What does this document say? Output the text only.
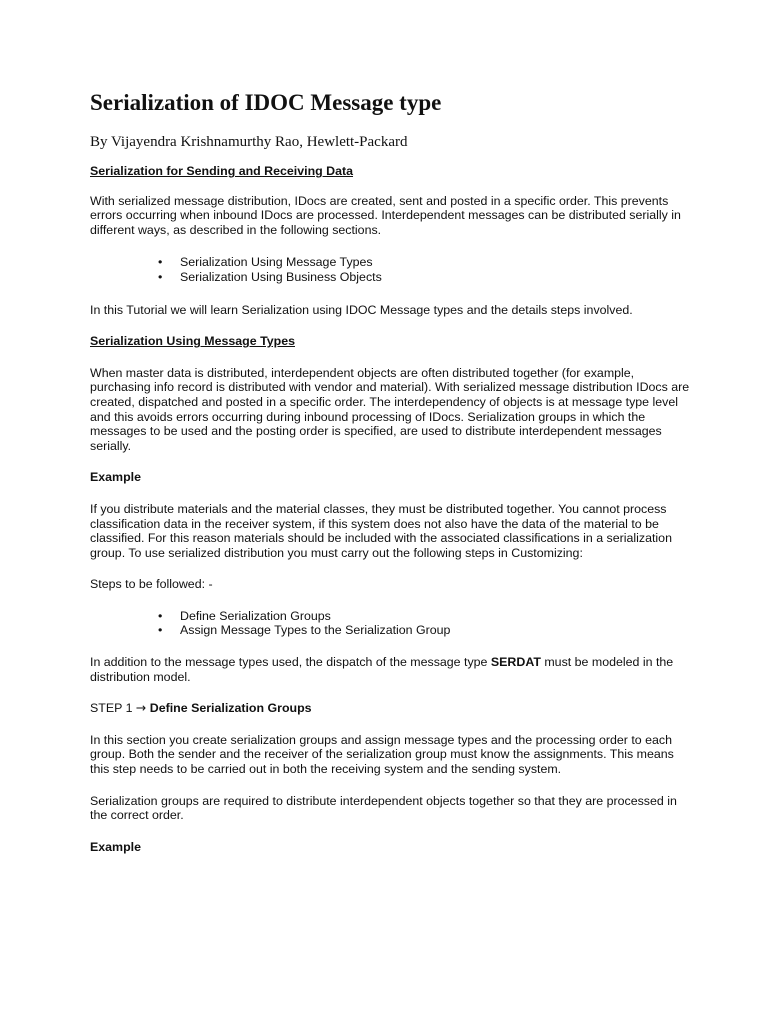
Serialization of IDOC Message type

By Vijayendra Krishnamurthy Rao, Hewlett-Packard

Serialization for Sending and Receiving Data

With serialized message distribution, IDocs are created, sent and posted in a specific order. This prevents errors occurring when inbound IDocs are processed. Interdependent messages can be distributed serially in different ways, as described in the following sections.

• Serialization Using Message Types
• Serialization Using Business Objects

In this Tutorial we will learn Serialization using IDOC Message types and the details steps involved.

Serialization Using Message Types

When master data is distributed, interdependent objects are often distributed together (for example, purchasing info record is distributed with vendor and material). With serialized message distribution IDocs are created, dispatched and posted in a specific order. The interdependency of objects is at message type level and this avoids errors occurring during inbound processing of IDocs. Serialization groups in which the messages to be used and the posting order is specified, are used to distribute interdependent messages serially.

Example

If you distribute materials and the material classes, they must be distributed together. You cannot process classification data in the receiver system, if this system does not also have the data of the material to be classified. For this reason materials should be included with the associated classifications in a serialization group. To use serialized distribution you must carry out the following steps in Customizing:

Steps to be followed: -

• Define Serialization Groups
• Assign Message Types to the Serialization Group

In addition to the message types used, the dispatch of the message type SERDAT must be modeled in the distribution model.

STEP 1 → Define Serialization Groups

In this section you create serialization groups and assign message types and the processing order to each group. Both the sender and the receiver of the serialization group must know the assignments. This means this step needs to be carried out in both the receiving system and the sending system.

Serialization groups are required to distribute interdependent objects together so that they are processed in the correct order.

Example
